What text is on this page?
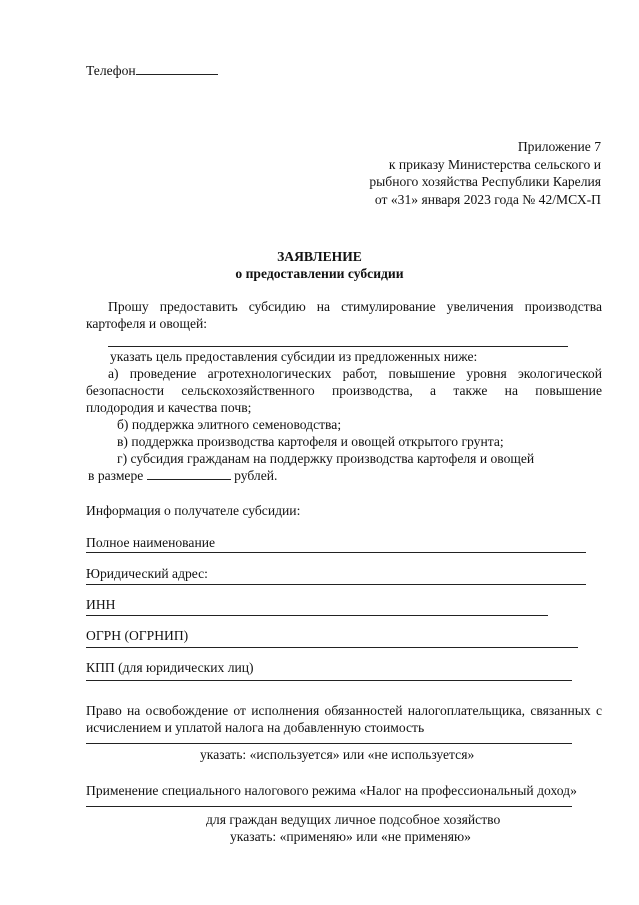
Телефон
Приложение 7
к приказу Министерства сельского и
рыбного хозяйства Республики Карелия
от «31» января 2023 года № 42/МСХ-П
ЗАЯВЛЕНИЕ
о предоставлении субсидии
Прошу предоставить субсидию на стимулирование увеличения производства
картофеля и овощей:
указать цель предоставления субсидии из предложенных ниже:
а) проведение агротехнологических работ, повышение уровня экологической
безопасности сельскохозяйственного производства, а также на повышение
плодородия и качества почв;
б) поддержка элитного семеноводства;
в) поддержка производства картофеля и овощей открытого грунта;
г) субсидия гражданам на поддержку производства картофеля и овощей
в размере	рублей.
Информация о получателе субсидии:
Полное наименование
Юридический адрес:
ИНН
ОГРН (ОГРНИП)
КПП (для юридических лиц)
Право на освобождение от исполнения обязанностей налогоплательщика, связанных с
исчислением и уплатой налога на добавленную стоимость
указать: «используется» или «не используется»
Применение специального налогового режима «Налог на профессиональный доход»
для граждан ведущих личное подсобное хозяйство
указать: «применяю» или «не применяю»
